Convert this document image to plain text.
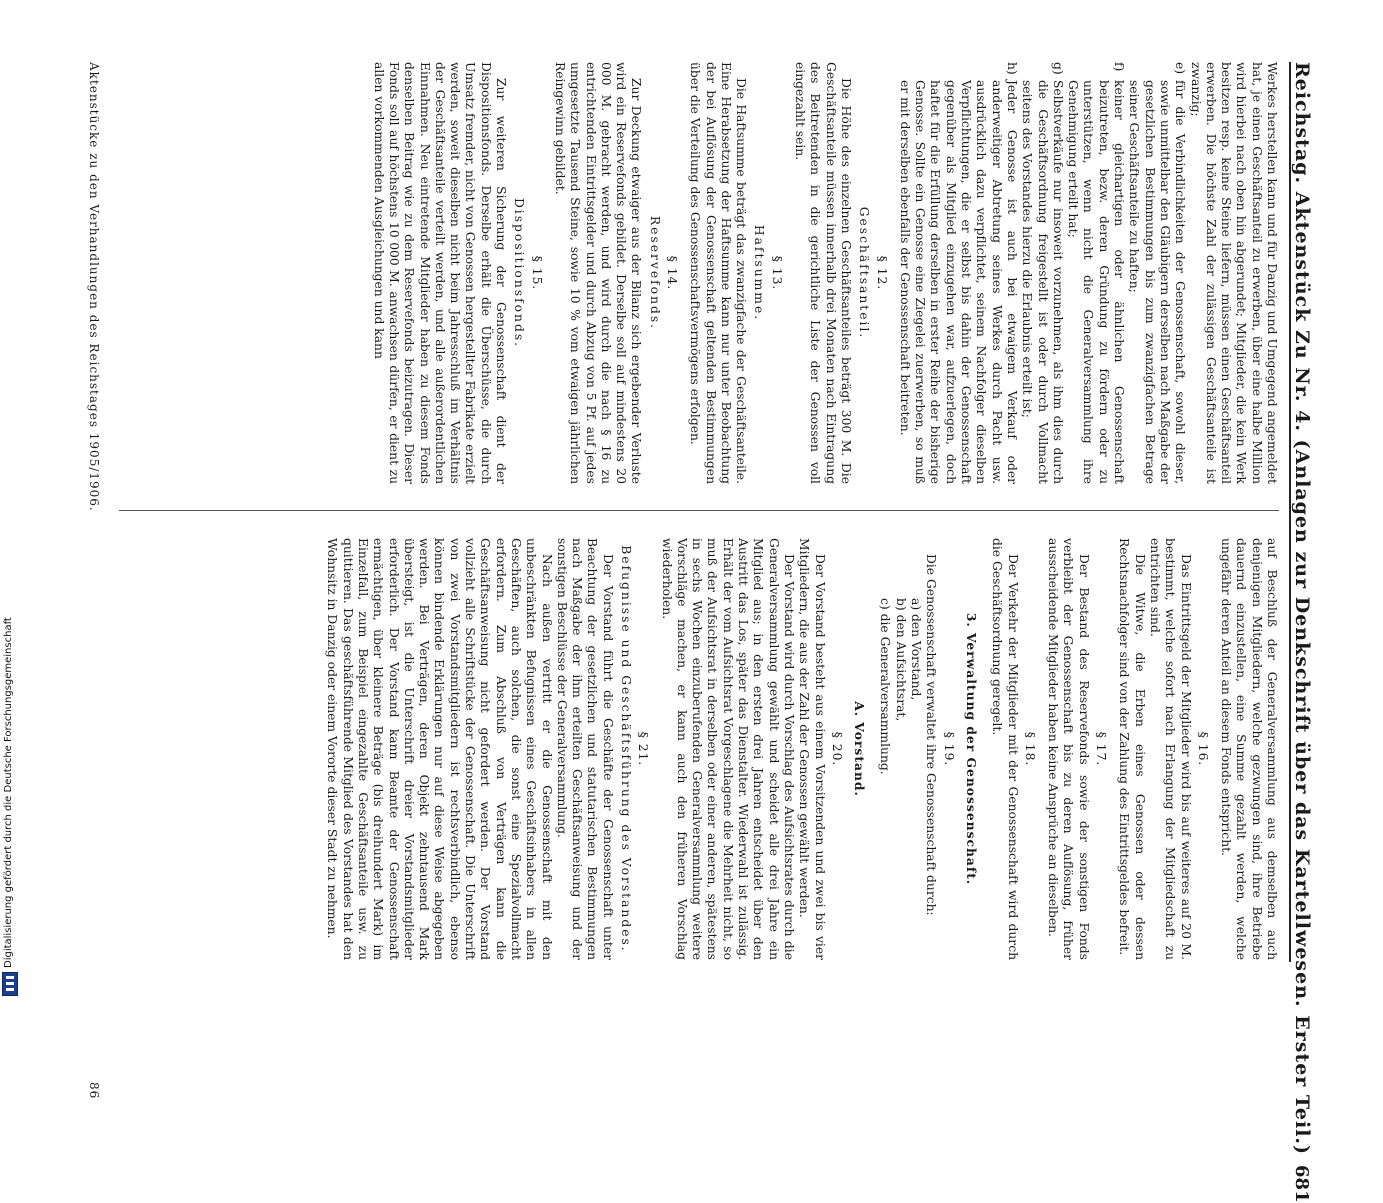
Reichstag. Aktenstück Zu Nr. 4. (Anlagen zur Denkschrift über das Kartellwesen. Erster Teil.)
681

Werkes herstellen kann und für Danzig und Umgegend angemeldet hat, je einen Geschäftsanteil zu erwerben, über eine halbe Million wird hierbei nach oben hin abgerundet; Mitglieder, die kein Werk besitzen resp. keine Steine liefern, müssen einen Geschäftsanteil erwerben. Die höchste Zahl der zulässigen Geschäftsanteile ist zwanzig;

e)
für die Verbindlichkeiten der Genossenschaft, sowohl dieser, sowie unmittelbar den Gläubigern derselben nach Maßgabe der gesetzlichen Bestimmungen bis zum zwanzigfachen Betrage seiner Geschäftsanteile zu haften;

f)
keiner gleichartigen oder ähnlichen Genossenschaft beizutreten, bezw. deren Gründung zu fördern oder zu unterstützen, wenn nicht die Generalversammlung ihre Genehmigung erteilt hat;

g)
Selbstverkäufe nur insoweit vorzunehmen, als ihm dies durch die Geschäftsordnung freigestellt ist oder durch Vollmacht seitens des Vorstandes hierzu die Erlaubnis erteilt ist;

h)
Jeder Genosse ist auch bei etwaigem Verkauf oder anderweitiger Abtretung seines Werkes durch Pacht usw. ausdrücklich dazu verpflichtet, seinem Nachfolger dieselben Verpflichtungen, die er selbst bis dahin der Genossenschaft gegenüber als Mitglied einzugehen war, aufzuerlegen, doch haftet für die Erfüllung derselben in erster Reihe der bisherige Genosse. Sollte ein Genosse eine Ziegelei zuerwerben, so muß er mit derselben ebenfalls der Genossenschaft beitreten.

§ 12.
Geschäftsanteil.

Die Höhe des einzelnen Geschäftsanteiles beträgt 300 M. Die Geschäftsanteile müssen innerhalb drei Monaten nach Eintragung des Beitretenden in die gerichtliche Liste der Genossen voll eingezahlt sein.

§ 13.
Haftsumme.

Die Haftsumme beträgt das zwanzigfache der Geschäftsanteile. Eine Herabsetzung der Haftsumme kann nur unter Beobachtung der bei Auflösung der Genossenschaft geltenden Bestimmungen über die Verteilung des Genossenschaftsvermögens erfolgen.

§ 14.
Reservefonds.

Zur Deckung etwaiger aus der Bilanz sich ergebender Verluste wird ein Reservefonds gebildet. Derselbe soll auf mindestens 20 000 M. gebracht werden, und wird durch die nach § 16 zu entrichtenden Eintrittsgelder und durch Abzug von 5 Pf. auf jedes umgesetzte Tausend Steine, sowie 10 % vom etwaigen jährlichen Reingewinn gebildet.

§ 15.
Dispositionsfonds.

Zur weiteren Sicherung der Genossenschaft dient der Dispositionsfonds. Derselbe erhält die Überschüsse, die durch Umsatz fremder, nicht von Genossen hergestellter Fabrikate erzielt werden, soweit dieselben nicht beim Jahresschluß im Verhältnis der Geschäftsanteile verteilt werden, und alle außerordentlichen Einnahmen. Neu eintretende Mitglieder haben zu diesem Fonds denselben Beitrag wie zu dem Reservefonds beizutragen. Dieser Fonds soll auf höchstens 10 000 M. anwachsen dürfen, er dient zu allen vorkommenden Ausgleichungen und kann

auf Beschluß der Generalversammlung aus demselben auch denjenigen Mitgliedern, welche gezwungen sind, ihre Betriebe dauernd einzustellen, eine Summe gezahlt werden, welche ungefähr deren Anteil an diesem Fonds entspricht.

§ 16.

Das Eintrittsgeld der Mitglieder wird bis auf weiteres auf 20 M. bestimmt, welche sofort nach Erlangung der Mitgliedschaft zu entrichten sind.

Die Witwe, die Erben eines Genossen oder dessen Rechtsnachfolger sind von der Zahlung des Eintrittsgeldes befreit.

§ 17.

Der Bestand des Reservefonds sowie der sonstigen Fonds verbleibt der Genossenschaft bis zu deren Auflösung, früher ausscheidende Mitglieder haben keine Ansprüche an dieselben.

§ 18.

Der Verkehr der Mitglieder mit der Genossenschaft wird durch die Geschäftsordnung geregelt.

3. Verwaltung der Genossenschaft.
§ 19.

Die Genossenschaft verwaltet ihre Genossenschaft durch:

a) den Vorstand,
b) den Aufsichtsrat,
c) die Generalversammlung.
A. Vorstand.
§ 20.

Der Vorstand besteht aus einem Vorsitzenden und zwei bis vier Mitgliedern, die aus der Zahl der Genossen gewählt werden.

Der Vorstand wird durch Vorschlag des Aufsichtsrates durch die Generalversammlung gewählt und scheidet alle drei Jahre ein Mitglied aus; in den ersten drei Jahren entscheidet über den Austritt das Los, später das Dienstalter. Wiederwahl ist zulässig. Erhält der vom Aufsichtsrat Vorgeschlagene die Mehrheit nicht, so muß der Aufsichtsrat in derselben oder einer anderen, spätestens in sechs Wochen einzuberufenden Generalversammlung weitere Vorschläge machen, er kann auch den früheren Vorschlag wiederholen.

§ 21.
Befugnisse und Geschäftsführung des Vorstandes.

Der Vorstand führt die Geschäfte der Genossenschaft unter Beachtung der gesetzlichen und statutarischen Bestimmungen nach Maßgabe der ihm erteilten Geschäftsanweisung und der sonstigen Beschlüsse der Generalversammlung.

Nach außen vertritt er die Genossenschaft mit den unbeschränkten Befugnissen eines Geschäftsinhabers in allen Geschäften, auch solchen, die sonst eine Spezialvollmacht erfordern. Zum Abschluß von Verträgen kann die Geschäftsanweisung nicht gefordert werden. Der Vorstand vollzieht alle Schriftstücke der Genossenschaft. Die Unterschrift von zwei Vorstandsmitgliedern ist rechtsverbindlich, ebenso können bindende Erklärungen nur auf diese Weise abgegeben werden. Bei Verträgen, deren Objekt zehntausend Mark übersteigt, ist die Unterschrift dreier Vorstandsmitglieder erforderlich. Der Vorstand kann Beamte der Genossenschaft ermächtigen, über kleinere Beträge (bis dreihundert Mark) im Einzelfall, zum Beispiel eingezahlte Geschäftsanteile usw. zu quittieren. Das geschäftsführende Mitglied des Vorstandes hat den Wohnsitz in Danzig oder einem Vororte dieser Stadt zu nehmen.

Aktenstücke zu den Verhandlungen des Reichstages 1905/1906.
86
Digitalisierung gefördert durch die Deutsche Forschungsgemeinschaft
